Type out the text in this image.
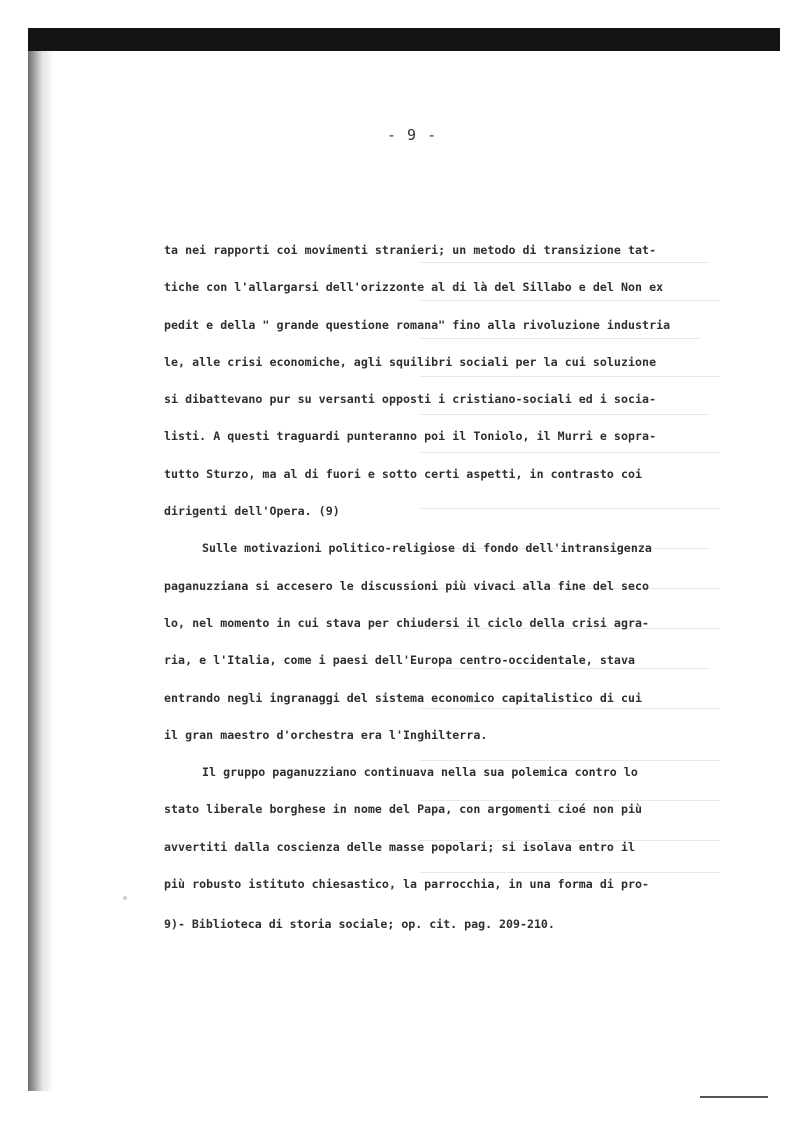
- 9 -
ta nei rapporti coi movimenti stranieri; un metodo di transizione tat-
tiche con l'allargarsi dell'orizzonte al di là del Sillabo e del Non ex
pedit e della " grande questione romana" fino alla rivoluzione industria
le, alle crisi economiche, agli squilibri sociali per la cui soluzione
si dibattevano pur su versanti opposti i cristiano-sociali ed i socia-
listi. A questi traguardi punteranno poi il Toniolo, il Murri e sopra-
tutto Sturzo, ma al di fuori e sotto certi aspetti, in contrasto coi
dirigenti dell'Opera. (9)
Sulle motivazioni politico-religiose di fondo dell'intransigenza
paganuzziana si accesero le discussioni più vivaci alla fine del seco
lo, nel momento in cui stava per chiudersi il ciclo della crisi agra-
ria, e l'Italia, come i paesi dell'Europa centro-occidentale, stava
entrando negli ingranaggi del sistema economico capitalistico di cui
il gran maestro d'orchestra era l'Inghilterra.
Il gruppo paganuzziano continuava nella sua polemica contro lo
stato liberale borghese in nome del Papa, con argomenti cioé non più
avvertiti dalla coscienza delle masse popolari; si isolava entro il
più robusto istituto chiesastico, la parrocchia, in una forma di pro-
9)- Biblioteca di storia sociale; op. cit. pag. 209-210.
